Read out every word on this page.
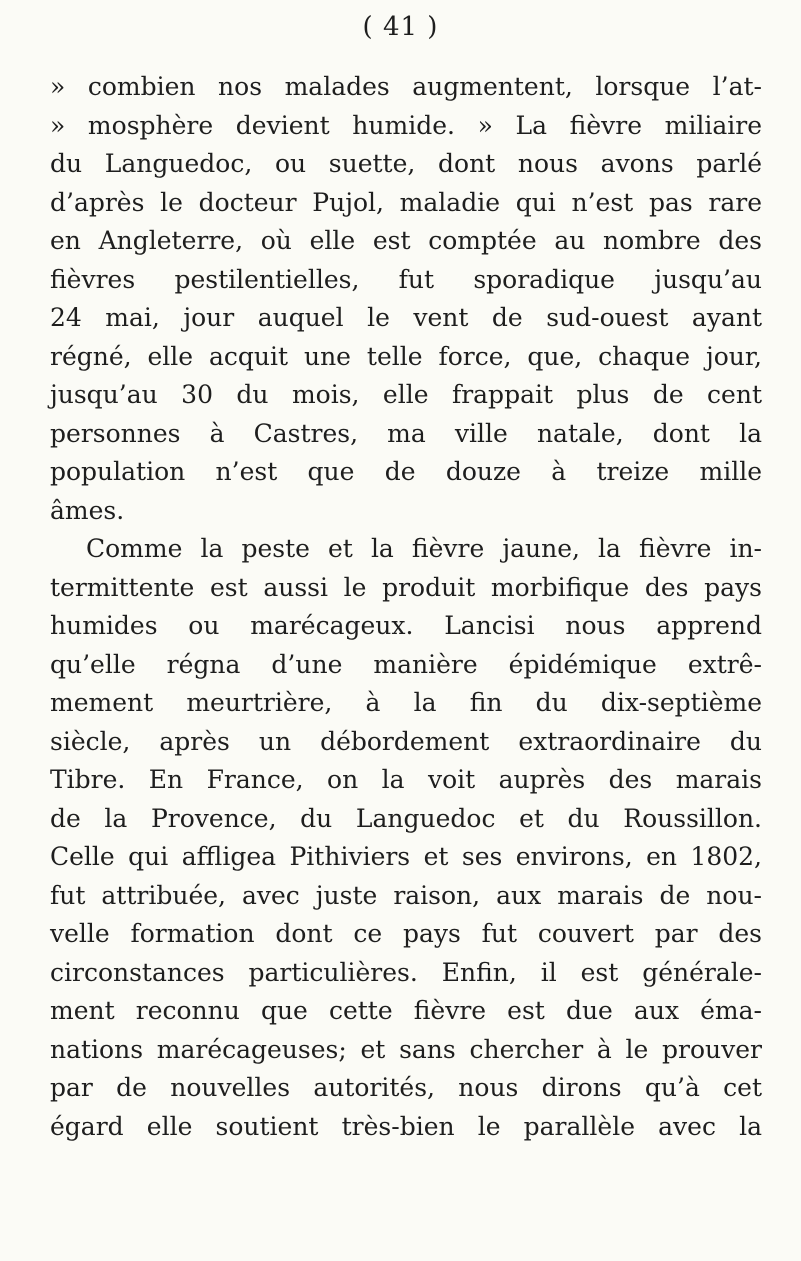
( 41 )
» combien nos malades augmentent, lorsque l’at-
» mosphère devient humide. » La fièvre miliaire
du Languedoc, ou suette, dont nous avons parlé
d’après le docteur Pujol, maladie qui n’est pas rare
en Angleterre, où elle est comptée au nombre des
fièvres pestilentielles, fut sporadique jusqu’au
24 mai, jour auquel le vent de sud-ouest ayant
régné, elle acquit une telle force, que, chaque jour,
jusqu’au 30 du mois, elle frappait plus de cent
personnes à Castres, ma ville natale, dont la
population n’est que de douze à treize mille
âmes.
Comme la peste et la fièvre jaune, la fièvre in-
termittente est aussi le produit morbifique des pays
humides ou marécageux. Lancisi nous apprend
qu’elle régna d’une manière épidémique extrê-
mement meurtrière, à la fin du dix-septième
siècle, après un débordement extraordinaire du
Tibre. En France, on la voit auprès des marais
de la Provence, du Languedoc et du Roussillon.
Celle qui affligea Pithiviers et ses environs, en 1802,
fut attribuée, avec juste raison, aux marais de nou-
velle formation dont ce pays fut couvert par des
circonstances particulières. Enfin, il est générale-
ment reconnu que cette fièvre est due aux éma-
nations marécageuses; et sans chercher à le prouver
par de nouvelles autorités, nous dirons qu’à cet
égard elle soutient très-bien le parallèle avec la
